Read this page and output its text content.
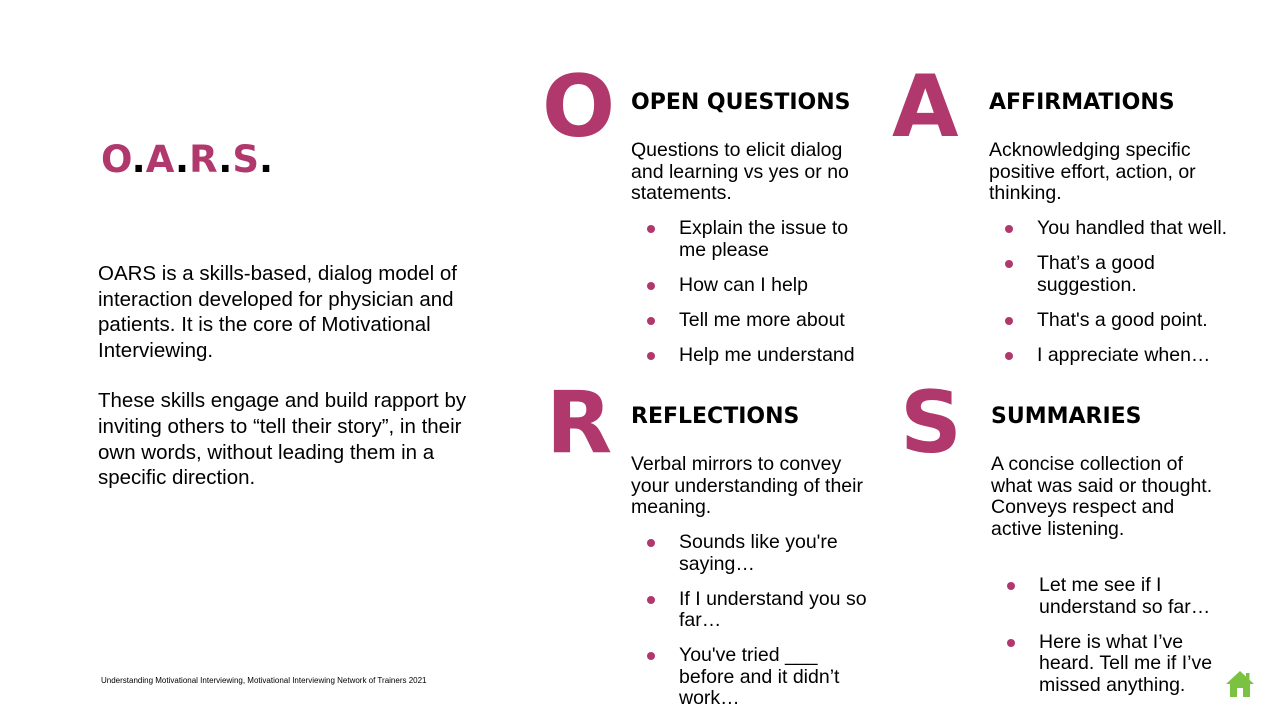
O.A.R.S.

OARS is a skills-based, dialog model of interaction developed for physician and patients. It is the core of Motivational Interviewing.

These skills engage and build rapport by inviting others to “tell their story”, in their own words, without leading them in a specific direction.

Understanding Motivational Interviewing, Motivational Interviewing Network of Trainers 2021
O OPEN QUESTIONS
Questions to elicit dialog and learning vs yes or no statements.
Explain the issue to me please
How can I help
Tell me more about
Help me understand
A AFFIRMATIONS
Acknowledging specific positive effort, action, or thinking.
You handled that well.
That’s a good suggestion.
That's a good point.
I appreciate when…
R REFLECTIONS
Verbal mirrors to convey your understanding of their meaning.
Sounds like you're saying…
If I understand you so far…
You've tried ___ before and it didn’t work…
S SUMMARIES
A concise collection of what was said or thought. Conveys respect and active listening.
Let me see if I understand so far…
Here is what I’ve heard. Tell me if I’ve missed anything.
